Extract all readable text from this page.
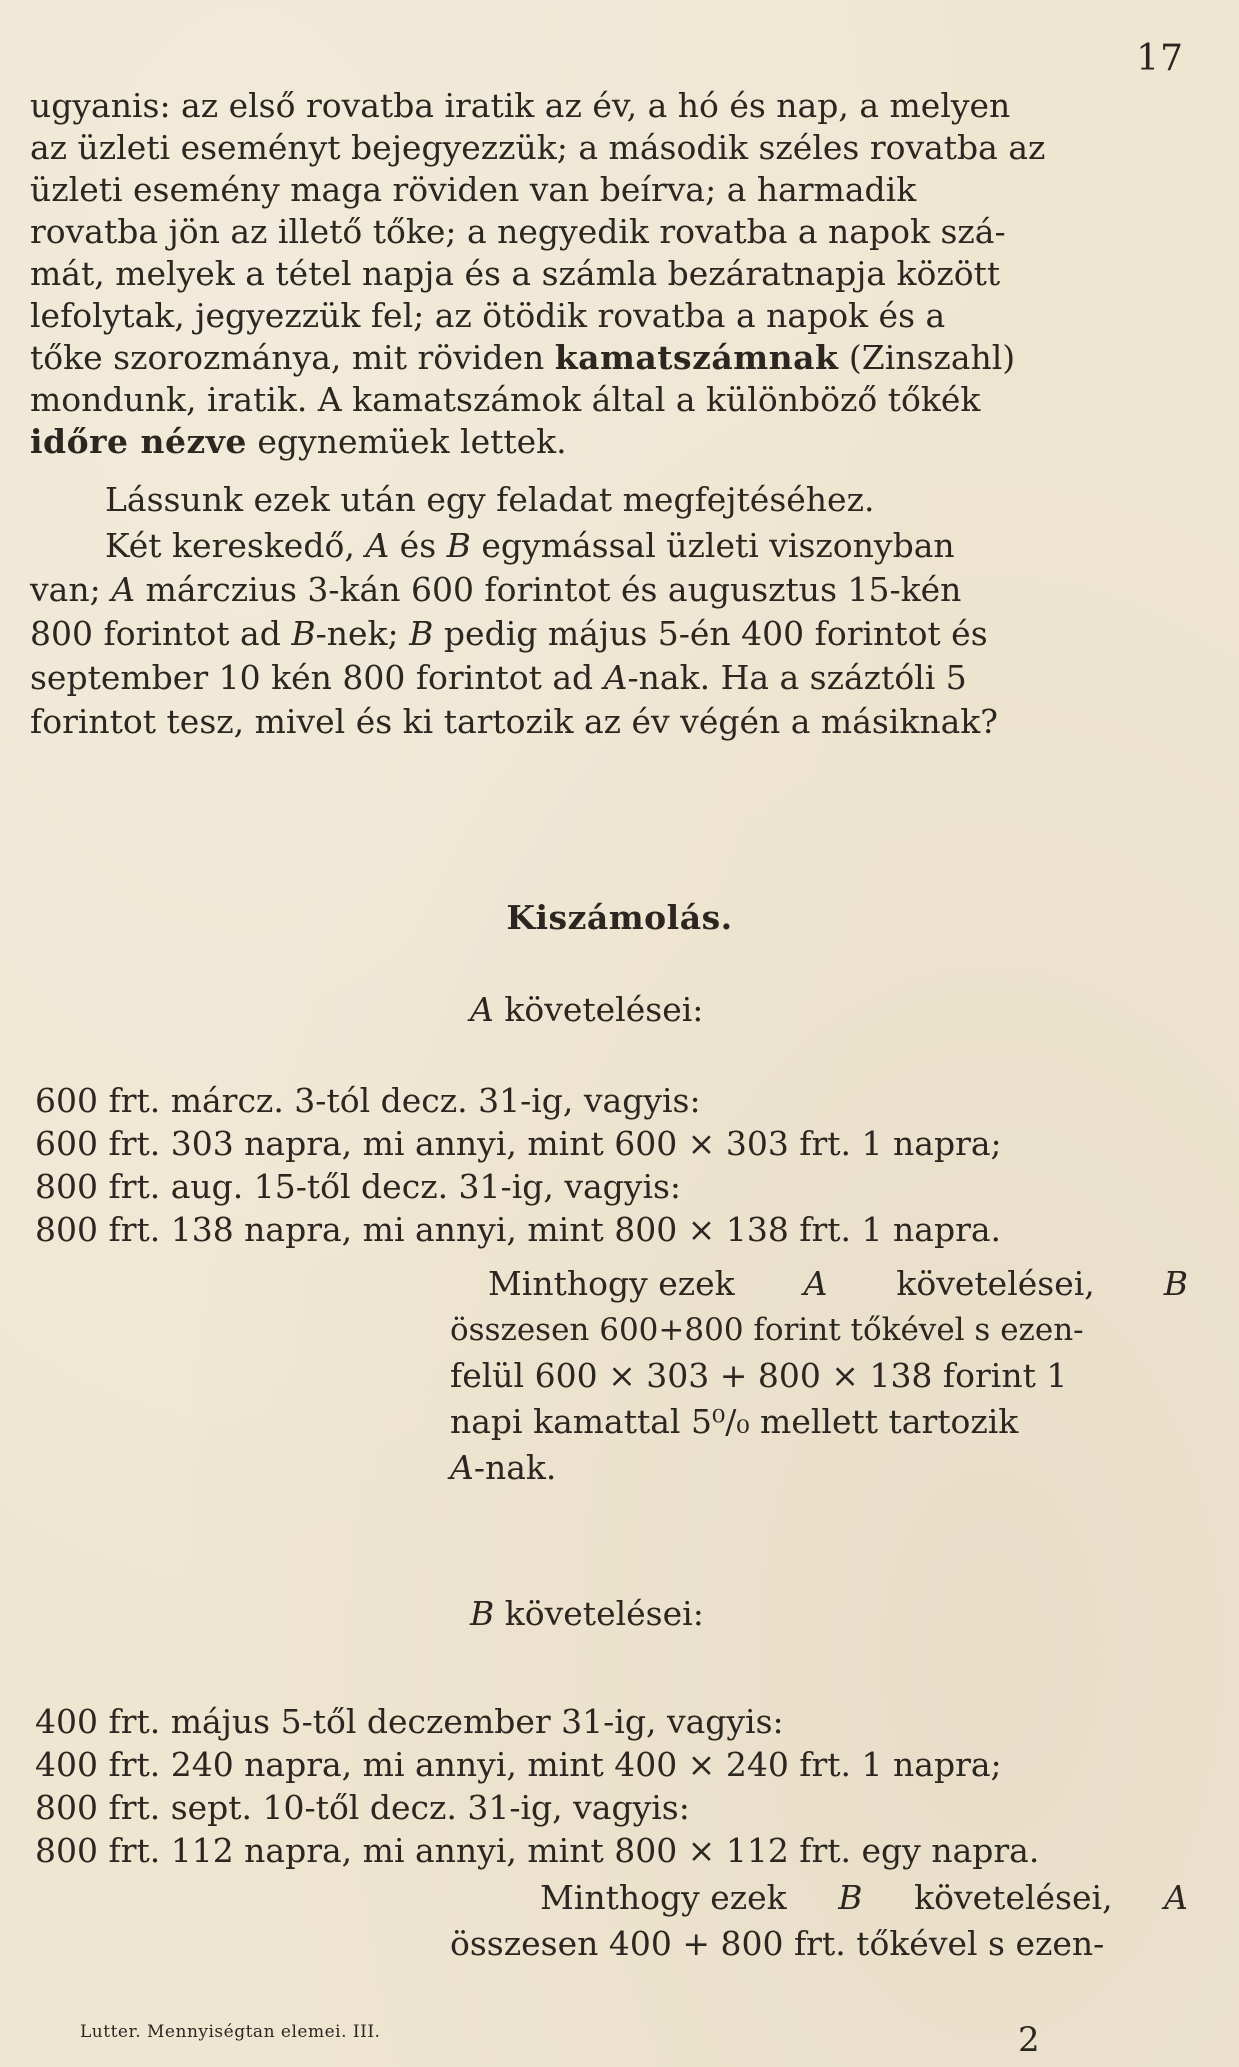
17
ugyanis: az első rovatba iratik az év, a hó és nap, a melyen
az üzleti eseményt bejegyezzük; a második széles rovatba az
üzleti esemény maga röviden van beírva; a harmadik
rovatba jön az illető tőke; a negyedik rovatba a napok szá-
mát, melyek a tétel napja és a számla bezáratnapja között
lefolytak, jegyezzük fel; az ötödik rovatba a napok és a
tőke szorozmánya, mit röviden kamatszámnak (Zinszahl)
mondunk, iratik. A kamatszámok által a különböző tőkék
időre nézve egynemüek lettek.
Lássunk ezek után egy feladat megfejtéséhez.
Két kereskedő, A és B egymással üzleti viszonyban
van; A márczius 3-kán 600 forintot és augusztus 15-kén
800 forintot ad B-nek; B pedig május 5-én 400 forintot és
september 10 kén 800 forintot ad A-nak. Ha a száztóli 5
forintot tesz, mivel és ki tartozik az év végén a másiknak?
Kiszámolás.
A követelései:
600 frt. márcz. 3-tól decz. 31-ig, vagyis:
600 frt. 303 napra, mi annyi, mint 600 ⨯ 303 frt. 1 napra;
800 frt. aug. 15-től decz. 31-ig, vagyis:
800 frt. 138 napra, mi annyi, mint 800 ⨯ 138 frt. 1 napra.
Minthogy ezek A követelései, B
összesen 600+800 forint tőkével s ezen-
felül 600 ⨯ 303 + 800 ⨯ 138 forint 1
napi kamattal 5⁰/₀ mellett tartozik
A-nak.
B követelései:
400 frt. május 5-től deczember 31-ig, vagyis:
400 frt. 240 napra, mi annyi, mint 400 ⨯ 240 frt. 1 napra;
800 frt. sept. 10-től decz. 31-ig, vagyis:
800 frt. 112 napra, mi annyi, mint 800 ⨯ 112 frt. egy napra.
Minthogy ezek B követelései, A
összesen 400 + 800 frt. tőkével s ezen-
Lutter. Mennyiségtan elemei. III.	2
